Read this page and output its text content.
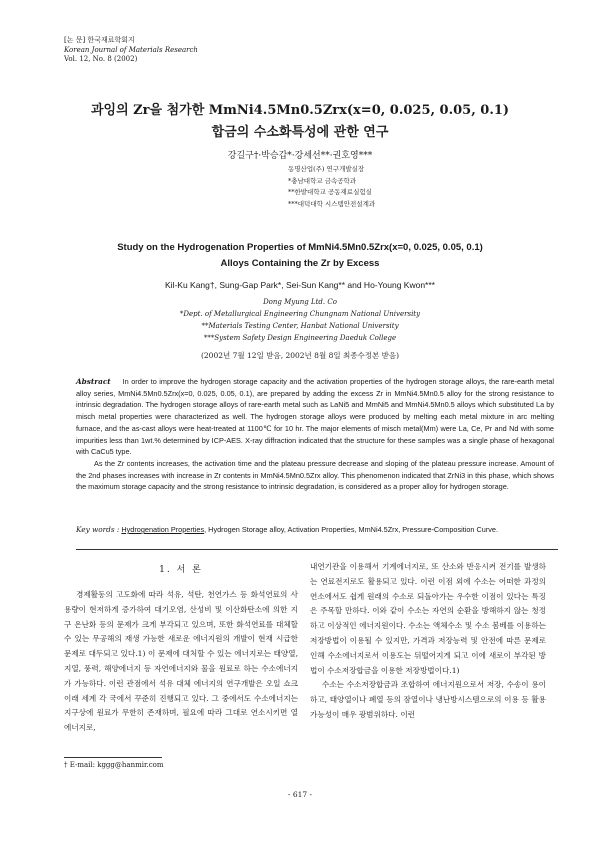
[논 문] 한국재료학회지
Korean Journal of Materials Research
Vol. 12, No. 8 (2002)
과잉의 Zr을 첨가한 MmNi4.5Mn0.5Zrx(x=0, 0.025, 0.05, 0.1)
합금의 수소화특성에 관한 연구
강길구†·박승갑*·강세선**·권호영***
동명산업(주) 연구개발실장
*충남대학교 금속공학과
**한밭대학교 공동재료실험실
***대덕대학 시스템안전설계과
Study on the Hydrogenation Properties of MmNi4.5Mn0.5Zrx(x=0, 0.025, 0.05, 0.1)
Alloys Containing the Zr by Excess
Kil-Ku Kang†, Sung-Gap Park*, Sei-Sun Kang** and Ho-Young Kwon***
Dong Myung Ltd. Co
*Dept. of Metallurgical Engineering Chungnam National University
**Materials Testing Center, Hanbat National University
***System Safety Design Engineering Daeduk College
(2002년 7월 12일 받음, 2002년 8월 8일 최종수정본 받음)

Abstract In order to improve the hydrogen storage capacity and the activation properties of the hydrogen storage alloys, the rare-earth metal alloy series, MmNi4.5Mn0.5Zrx(x=0, 0.025, 0.05, 0.1), are prepared by adding the excess Zr in MmNi4.5Mn0.5 alloy for the strong resistance to intrinsic degradation. The hydrogen storage alloys of rare-earth metal such as LaNi5 and MmNi5 and MmNi4.5Mn0.5 alloys which substituted La by misch metal properties were characterized as well. The hydrogen storage alloys were produced by melting each metal mixture in arc melting furnace, and the as-cast alloys were heat-treated at 1100℃ for 10 hr. The major elements of misch metal(Mm) were La, Ce, Pr and Nd with some impurities less than 1wt.% determined by ICP-AES. X-ray diffraction indicated that the structure for these samples was a single phase of hexagonal with CaCu5 type.

As the Zr contents increases, the activation time and the plateau pressure decrease and sloping of the plateau pressure increase. Amount of the 2nd phases increases with increase in Zr contents in MmNi4.5Mn0.5Zrx alloy. This phenomenon indicated that ZrNi3 in this phase, which shows the maximum storage capacity and the strong resistance to intrinsic degradation, is considered as a proper alloy for hydrogen storage.

Key words : Hydrogenation Properties, Hydrogen Storage alloy, Activation Properties, MmNi4.5Zrx, Pressure-Composition Curve.
1. 서 론

경제활동의 고도화에 따라 석유, 석탄, 천연가스 등 화석연료의 사용량이 현저하게 증가하여 대기오염, 산성비 및 이산화탄소에 의한 지구 온난화 등의 문제가 크게 부각되고 있으며, 또한 화석연료를 대체할 수 있는 무공해의 재생 가능한 새로운 에너지원의 개발이 현재 시급한 문제로 대두되고 있다.1) 이 문제에 대처할 수 있는 에너지로는 태양열, 지열, 풍력, 해양에너지 등 자연에너지와 물을 원료로 하는 수소에너지가 가능하다. 이런 관점에서 석유 대체 에너지의 연구개발은 오일 쇼크 이래 세계 각 국에서 꾸준히 진행되고 있다. 그 중에서도 수소에너지는 지구상에 원료가 무한히 존재하며, 필요에 따라 그대로 연소시키면 열에너지로,

내연기관을 이용해서 기계에너지로, 또 산소와 반응시켜 전기를 발생하는 연료전지로도 활용되고 있다. 이런 이점 외에 수소는 어떠한 과정의 연소에서도 쉽게 원래의 수소로 되돌아가는 우수한 이점이 있다는 특징은 주목할 만하다. 이와 같이 수소는 자연의 순환을 방해하지 않는 청정하고 이상적인 에너지원이다. 수소는 액체수소 및 수소 봄베를 이용하는 저장방법이 이용될 수 있지만, 가격과 저장능력 및 안전에 따른 문제로 인해 수소에너지로서 이용도는 뒤떨어지게 되고 이에 새로이 부각된 방법이 수소저장합금을 이용한 저장방법이다.1)

수소는 수소저장합금과 조합하여 에너지원으로서 저장, 수송이 용이하고, 태양열이나 폐열 등의 잠열이나 냉난방시스템으로의 이용 등 활용가능성이 매우 광범위하다. 이런

† E-mail: kggg@hanmir.com
- 617 -
